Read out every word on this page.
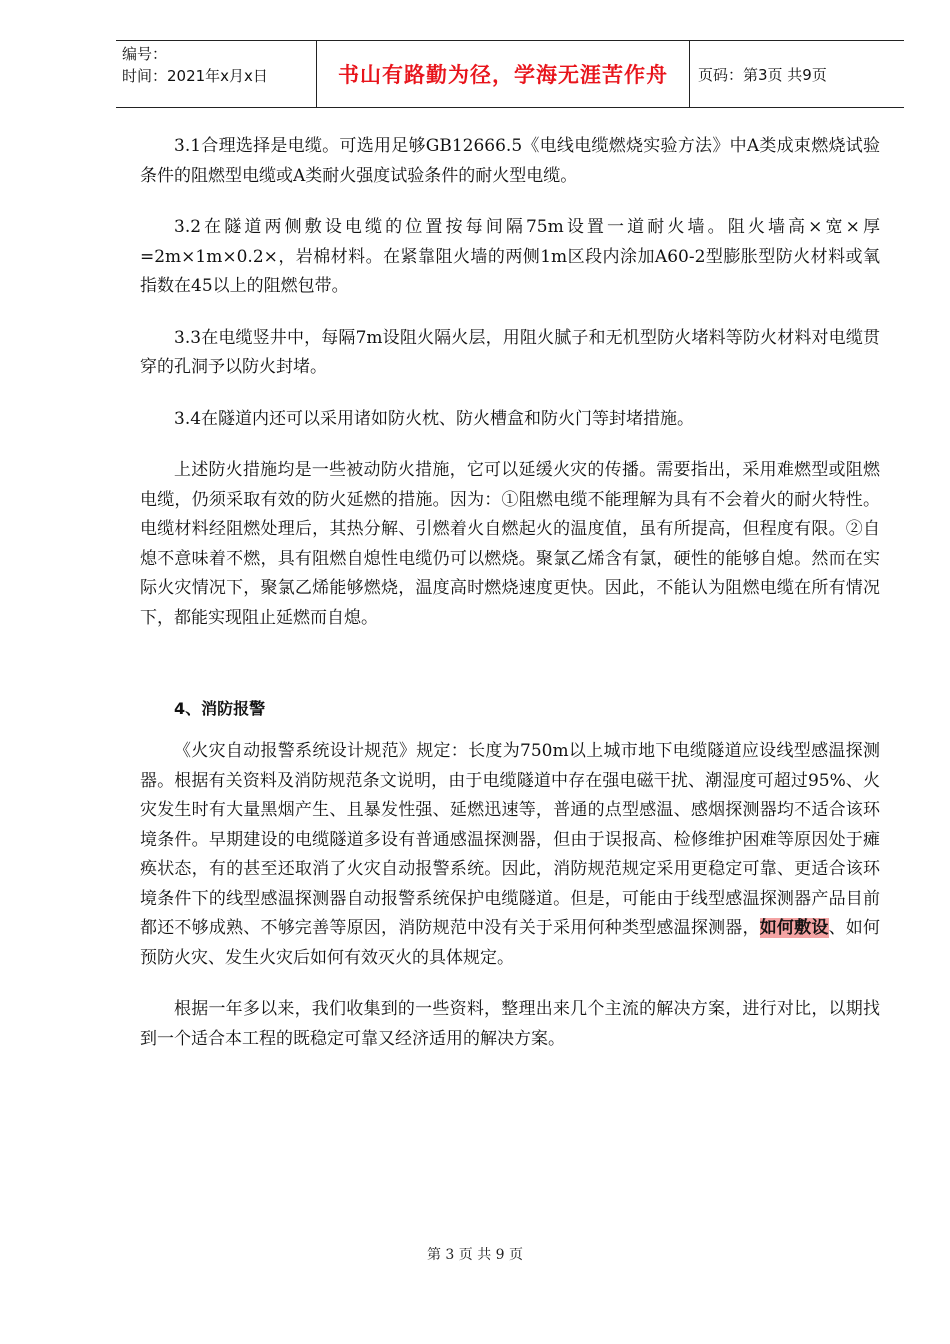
编号：
时间：2021年x月x日	书山有路勤为径，学海无涯苦作舟	页码：第3页 共9页

3.1合理选择是电缆。可选用足够GB12666.5《电线电缆燃烧实验方法》中A类成束燃烧试验条件的阻燃型电缆或A类耐火强度试验条件的耐火型电缆。

3.2在隧道两侧敷设电缆的位置按每间隔75m设置一道耐火墙。阻火墙高×宽×厚=2m×1m×0.2×，岩棉材料。在紧靠阻火墙的两侧1m区段内涂加A60-2型膨胀型防火材料或氧指数在45以上的阻燃包带。

3.3在电缆竖井中，每隔7m设阻火隔火层，用阻火腻子和无机型防火堵料等防火材料对电缆贯穿的孔洞予以防火封堵。

3.4在隧道内还可以采用诸如防火枕、防火槽盒和防火门等封堵措施。

上述防火措施均是一些被动防火措施，它可以延缓火灾的传播。需要指出，采用难燃型或阻燃电缆，仍须采取有效的防火延燃的措施。因为：①阻燃电缆不能理解为具有不会着火的耐火特性。电缆材料经阻燃处理后，其热分解、引燃着火自燃起火的温度值，虽有所提高，但程度有限。②自熄不意味着不燃，具有阻燃自熄性电缆仍可以燃烧。聚氯乙烯含有氯，硬性的能够自熄。然而在实际火灾情况下，聚氯乙烯能够燃烧，温度高时燃烧速度更快。因此，不能认为阻燃电缆在所有情况下，都能实现阻止延燃而自熄。

4、消防报警

《火灾自动报警系统设计规范》规定：长度为750m以上城市地下电缆隧道应设线型感温探测器。根据有关资料及消防规范条文说明，由于电缆隧道中存在强电磁干扰、潮湿度可超过95%、火灾发生时有大量黑烟产生、且暴发性强、延燃迅速等，普通的点型感温、感烟探测器均不适合该环境条件。早期建设的电缆隧道多设有普通感温探测器，但由于误报高、检修维护困难等原因处于瘫痪状态，有的甚至还取消了火灾自动报警系统。因此，消防规范规定采用更稳定可靠、更适合该环境条件下的线型感温探测器自动报警系统保护电缆隧道。但是，可能由于线型感温探测器产品目前都还不够成熟、不够完善等原因，消防规范中没有关于采用何种类型感温探测器，如何敷设、如何预防火灾、发生火灾后如何有效灭火的具体规定。

根据一年多以来，我们收集到的一些资料，整理出来几个主流的解决方案，进行对比，以期找到一个适合本工程的既稳定可靠又经济适用的解决方案。

第 3 页 共 9 页
